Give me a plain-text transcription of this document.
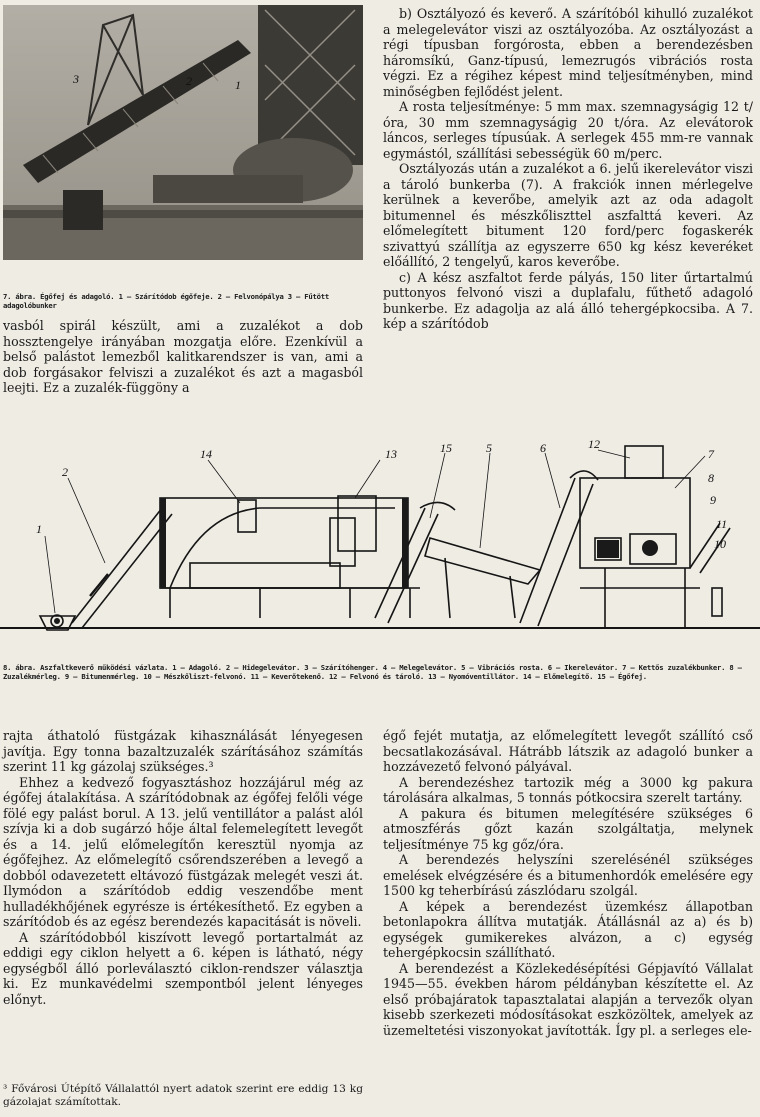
3	2	1
7. ábra. Égőfej és adagoló. 1 — Szárítódob égőfeje. 2 — Felvonópálya 3 — Fűtött adagolóbunker

b) Osztályozó és keverő. A szárítóból kihulló zuzalékot a melegelevátor viszi az osztályozóba. Az osztályozást a régi típusban forgórosta, ebben a berendezésben háromsíkú, Ganz-típusú, lemezrugós vibrációs rosta végzi. Ez a régihez képest mind teljesítményben, mind minőségben fejlődést jelent.

A rosta teljesítménye: 5 mm max. szemnagyságig 12 t/óra, 30 mm szemnagyságig 20 t/óra. Az elevátorok láncos, serleges típusúak. A serlegek 455 mm-re vannak egymástól, szállítási sebességük 60 m/perc.

Osztályozás után a zuzalékot a 6. jelű ikerelevátor viszi a tároló bunkerba (7). A frakciók innen mérlegelve kerülnek a keverőbe, amelyik azt az oda adagolt bitumennel és mészkőliszttel aszfalttá keveri. Az előmelegített bitument 120 ford/perc fogaskerék szivattyú szállítja az egyszerre 650 kg kész keveréket előállító, 2 tengelyű, karos keverőbe.

c) A kész aszfaltot ferde pályás, 150 liter űrtartalmú puttonyos felvonó viszi a duplafalu, fűthető adagoló bunkerbe. Ez adagolja az alá álló tehergépkocsiba. A 7. kép a szárítódob

vasból spirál készült, ami a zuzalékot a dob hossztengelye irányában mozgatja előre. Ezenkívül a belső palástot lemezből kalitkarendszer is van, ami a dob forgásakor felviszi a zuzalékot és azt a magasból leejti. Ez a zuzalék-függöny a

1
2
13
14	15	5	6	12
7
8
9
11
10
8. ábra. Aszfaltkeverő működési vázlata. 1 — Adagoló. 2 — Hidegelevátor. 3 — Szárítóhenger. 4 — Melegelevátor. 5 — Vibrációs rosta. 6 — Ikerelevátor. 7 — Kettős zuzalékbunker. 8 — Zuzalékmérleg. 9 — Bitumenmérleg. 10 — Mészkőliszt-felvonó. 11 — Keverőtekenő. 12 — Felvonó és tároló. 13 — Nyomóventillátor. 14 — Előmelegítő. 15 — Égőfej.

rajta áthatoló füstgázak kihasználását lényegesen javítja. Egy tonna bazaltzuzalék szárításához számítás szerint 11 kg gázolaj szükséges.³

Ehhez a kedvező fogyasztáshoz hozzájárul még az égőfej átalakítása. A szárítódobnak az égőfej felőli vége fölé egy palást borul. A 13. jelű ventillátor a palást alól szívja ki a dob sugárzó hője által felemelegített levegőt és a 14. jelű előmelegítőn keresztül nyomja az égőfejhez. Az előmelegítő csőrendszerében a levegő a dobból odavezetett eltávozó füstgázak melegét veszi át. Ilymódon a szárítódob eddig veszendőbe ment hulladékhőjének egyrésze is értékesíthető. Ez egyben a szárítódob és az egész berendezés kapacitását is növeli.

A szárítódobból kiszívott levegő portartalmát az eddigi egy ciklon helyett a 6. képen is látható, négy egységből álló porleválasztó ciklon-rendszer választja ki. Ez munkavédelmi szempontból jelent lényeges előnyt.

³ Fővárosi Útépítő Vállalattól nyert adatok szerint ere eddig 13 kg gázolajat számítottak.

égő fejét mutatja, az előmelegített levegőt szállító cső becsatlakozásával. Hátrább látszik az adagoló bunker a hozzávezető felvonó pályával.

A berendezéshez tartozik még a 3000 kg pakura tárolására alkalmas, 5 tonnás pótkocsira szerelt tartány.

A pakura és bitumen melegítésére szükséges 6 atmoszférás gőzt kazán szolgáltatja, melynek teljesítménye 75 kg gőz/óra.

A berendezés helyszíni szerelésénél szükséges emelések elvégzésére és a bitumenhordók emelésére egy 1500 kg teherbírású zászlódaru szolgál.

A képek a berendezést üzemkész állapotban betonlapokra állítva mutatják. Átállásnál az a) és b) egységek gumikerekes alvázon, a c) egység tehergépkocsin szállítható.

A berendezést a Közlekedésépítési Gépjavító Vállalat 1945—55. években három példányban készítette el. Az első próbajáratok tapasztalatai alapján a tervezők olyan kisebb szerkezeti módosításokat eszközöltek, amelyek az üzemeltetési viszonyokat javították. Így pl. a serleges ele-
